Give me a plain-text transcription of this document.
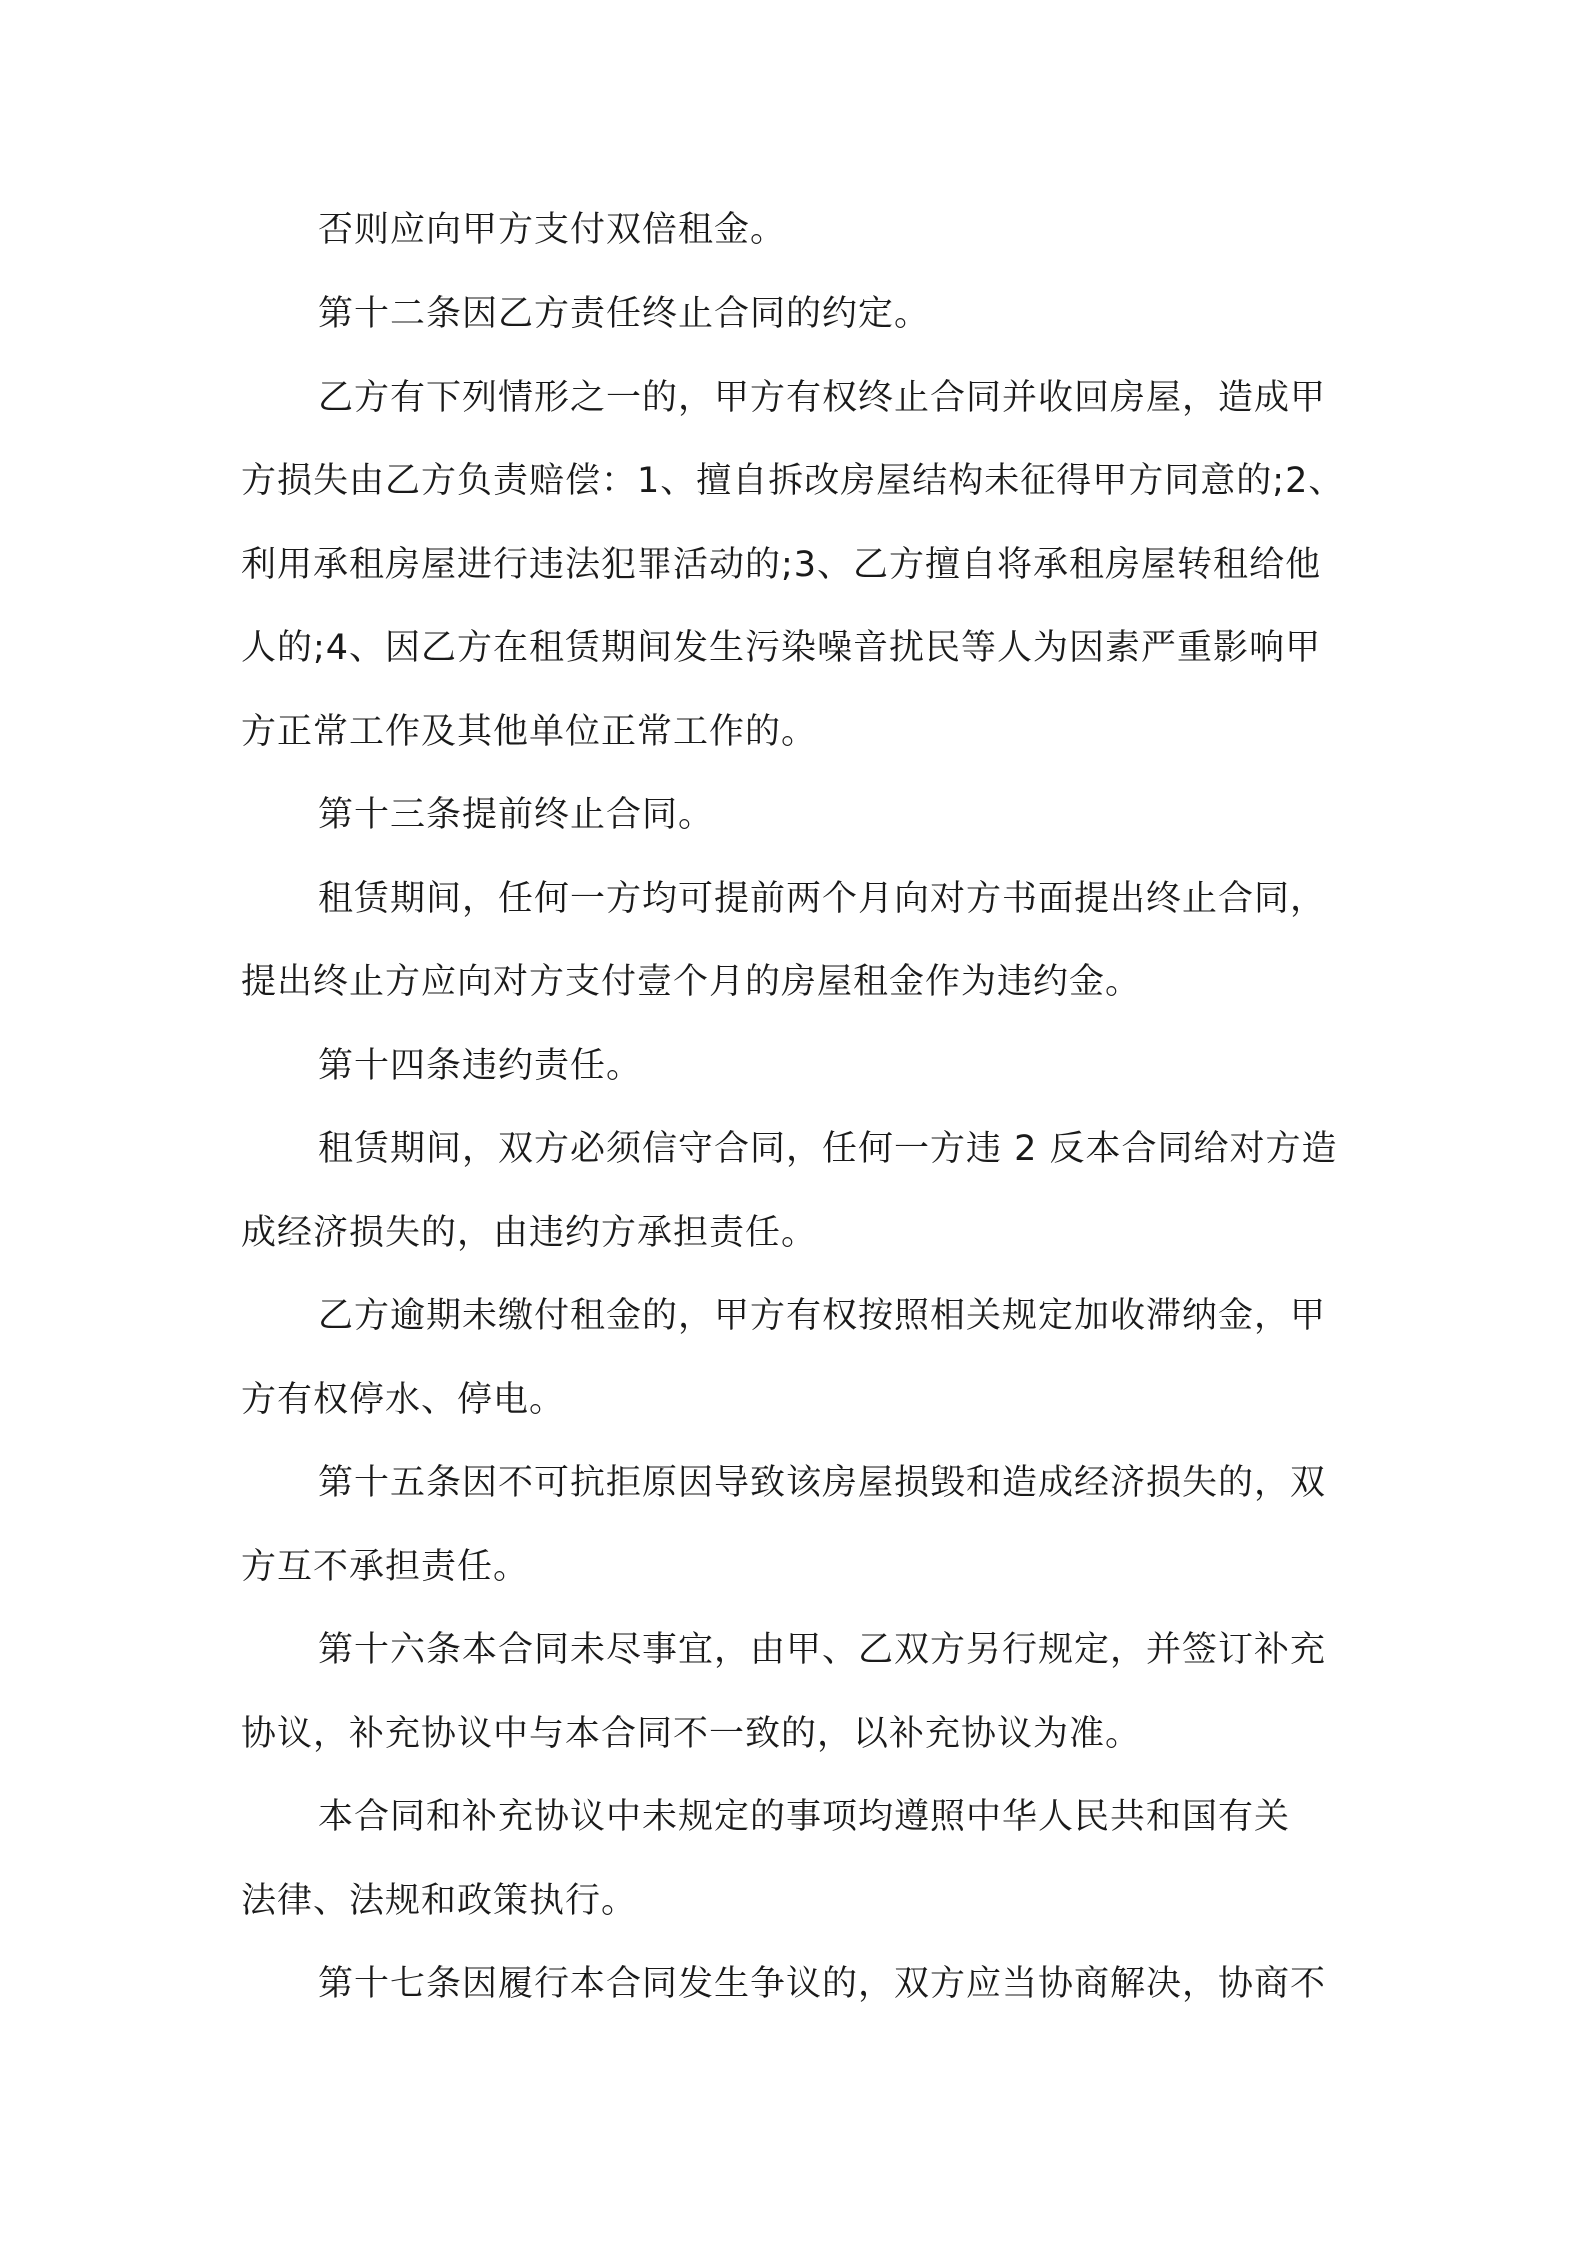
否则应向甲方支付双倍租金。
第十二条因乙方责任终止合同的约定。
乙方有下列情形之一的，甲方有权终止合同并收回房屋，造成甲
方损失由乙方负责赔偿：1、擅自拆改房屋结构未征得甲方同意的;2、
利用承租房屋进行违法犯罪活动的;3、乙方擅自将承租房屋转租给他
人的;4、因乙方在租赁期间发生污染噪音扰民等人为因素严重影响甲
方正常工作及其他单位正常工作的。
第十三条提前终止合同。
租赁期间，任何一方均可提前两个月向对方书面提出终止合同，
提出终止方应向对方支付壹个月的房屋租金作为违约金。
第十四条违约责任。
租赁期间，双方必须信守合同，任何一方违 2 反本合同给对方造
成经济损失的，由违约方承担责任。
乙方逾期未缴付租金的，甲方有权按照相关规定加收滞纳金，甲
方有权停水、停电。
第十五条因不可抗拒原因导致该房屋损毁和造成经济损失的，双
方互不承担责任。
第十六条本合同未尽事宜，由甲、乙双方另行规定，并签订补充
协议，补充协议中与本合同不一致的，以补充协议为准。
本合同和补充协议中未规定的事项均遵照中华人民共和国有关
法律、法规和政策执行。
第十七条因履行本合同发生争议的，双方应当协商解决，协商不
